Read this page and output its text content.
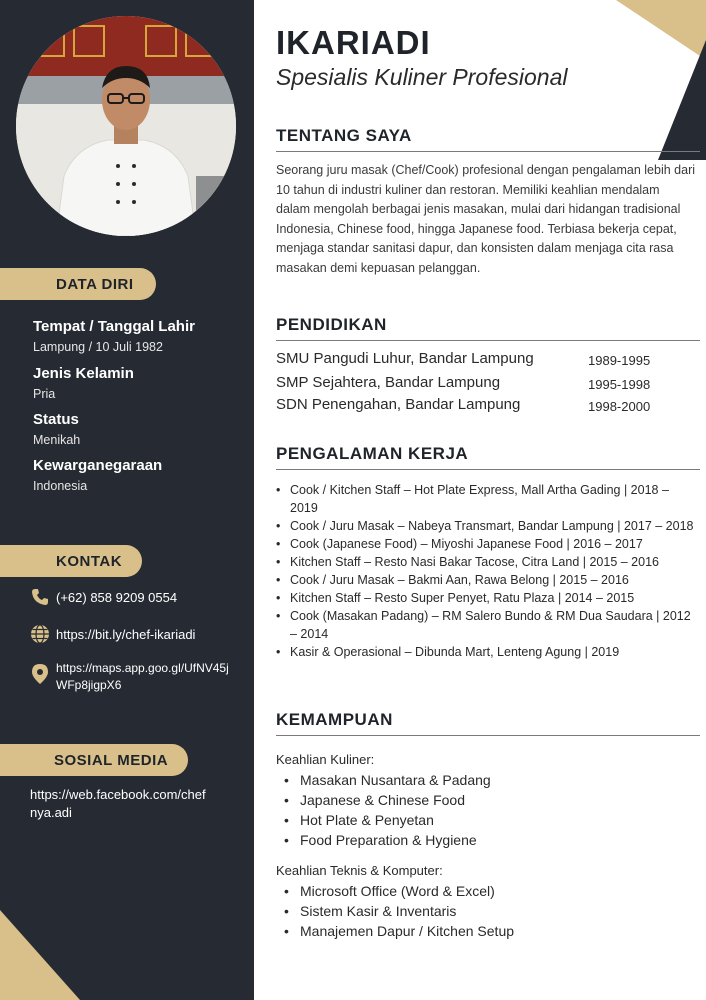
DATA DIRI
Tempat / Tanggal Lahir
Lampung / 10 Juli 1982
Jenis Kelamin
Pria
Status
Menikah
Kewarganegaraan
Indonesia
KONTAK
(+62) 858 9209 0554
https://bit.ly/chef-ikariadi
https://maps.app.goo.gl/UfNV45j
WFp8jigpX6
SOSIAL MEDIA
https://web.facebook.com/chef
nya.adi
IKARIADI
Spesialis Kuliner Profesional
TENTANG SAYA
Seorang juru masak (Chef/Cook) profesional dengan pengalaman lebih dari 10 tahun di industri kuliner dan restoran. Memiliki keahlian mendalam dalam mengolah berbagai jenis masakan, mulai dari hidangan tradisional Indonesia, Chinese food, hingga Japanese food. Terbiasa bekerja cepat, menjaga standar sanitasi dapur, dan konsisten dalam menjaga cita rasa masakan demi kepuasan pelanggan.
PENDIDIKAN
SMU Pangudi Luhur, Bandar Lampung	1989-1995
SMP Sejahtera, Bandar Lampung	1995-1998
SDN Penengahan, Bandar Lampung	1998-2000
PENGALAMAN KERJA
• Cook / Kitchen Staff – Hot Plate Express, Mall Artha Gading | 2018 – 2019
• Cook / Juru Masak – Nabeya Transmart, Bandar Lampung | 2017 – 2018
• Cook (Japanese Food) – Miyoshi Japanese Food | 2016 – 2017
• Kitchen Staff – Resto Nasi Bakar Tacose, Citra Land | 2015 – 2016
• Cook / Juru Masak – Bakmi Aan, Rawa Belong | 2015 – 2016
• Kitchen Staff – Resto Super Penyet, Ratu Plaza | 2014 – 2015
• Cook (Masakan Padang) – RM Salero Bundo & RM Dua Saudara | 2012 – 2014
• Kasir & Operasional – Dibunda Mart, Lenteng Agung | 2019
KEMAMPUAN
Keahlian Kuliner:
• Masakan Nusantara & Padang
• Japanese & Chinese Food
• Hot Plate & Penyetan
• Food Preparation & Hygiene
Keahlian Teknis & Komputer:
• Microsoft Office (Word & Excel)
• Sistem Kasir & Inventaris
• Manajemen Dapur / Kitchen Setup
